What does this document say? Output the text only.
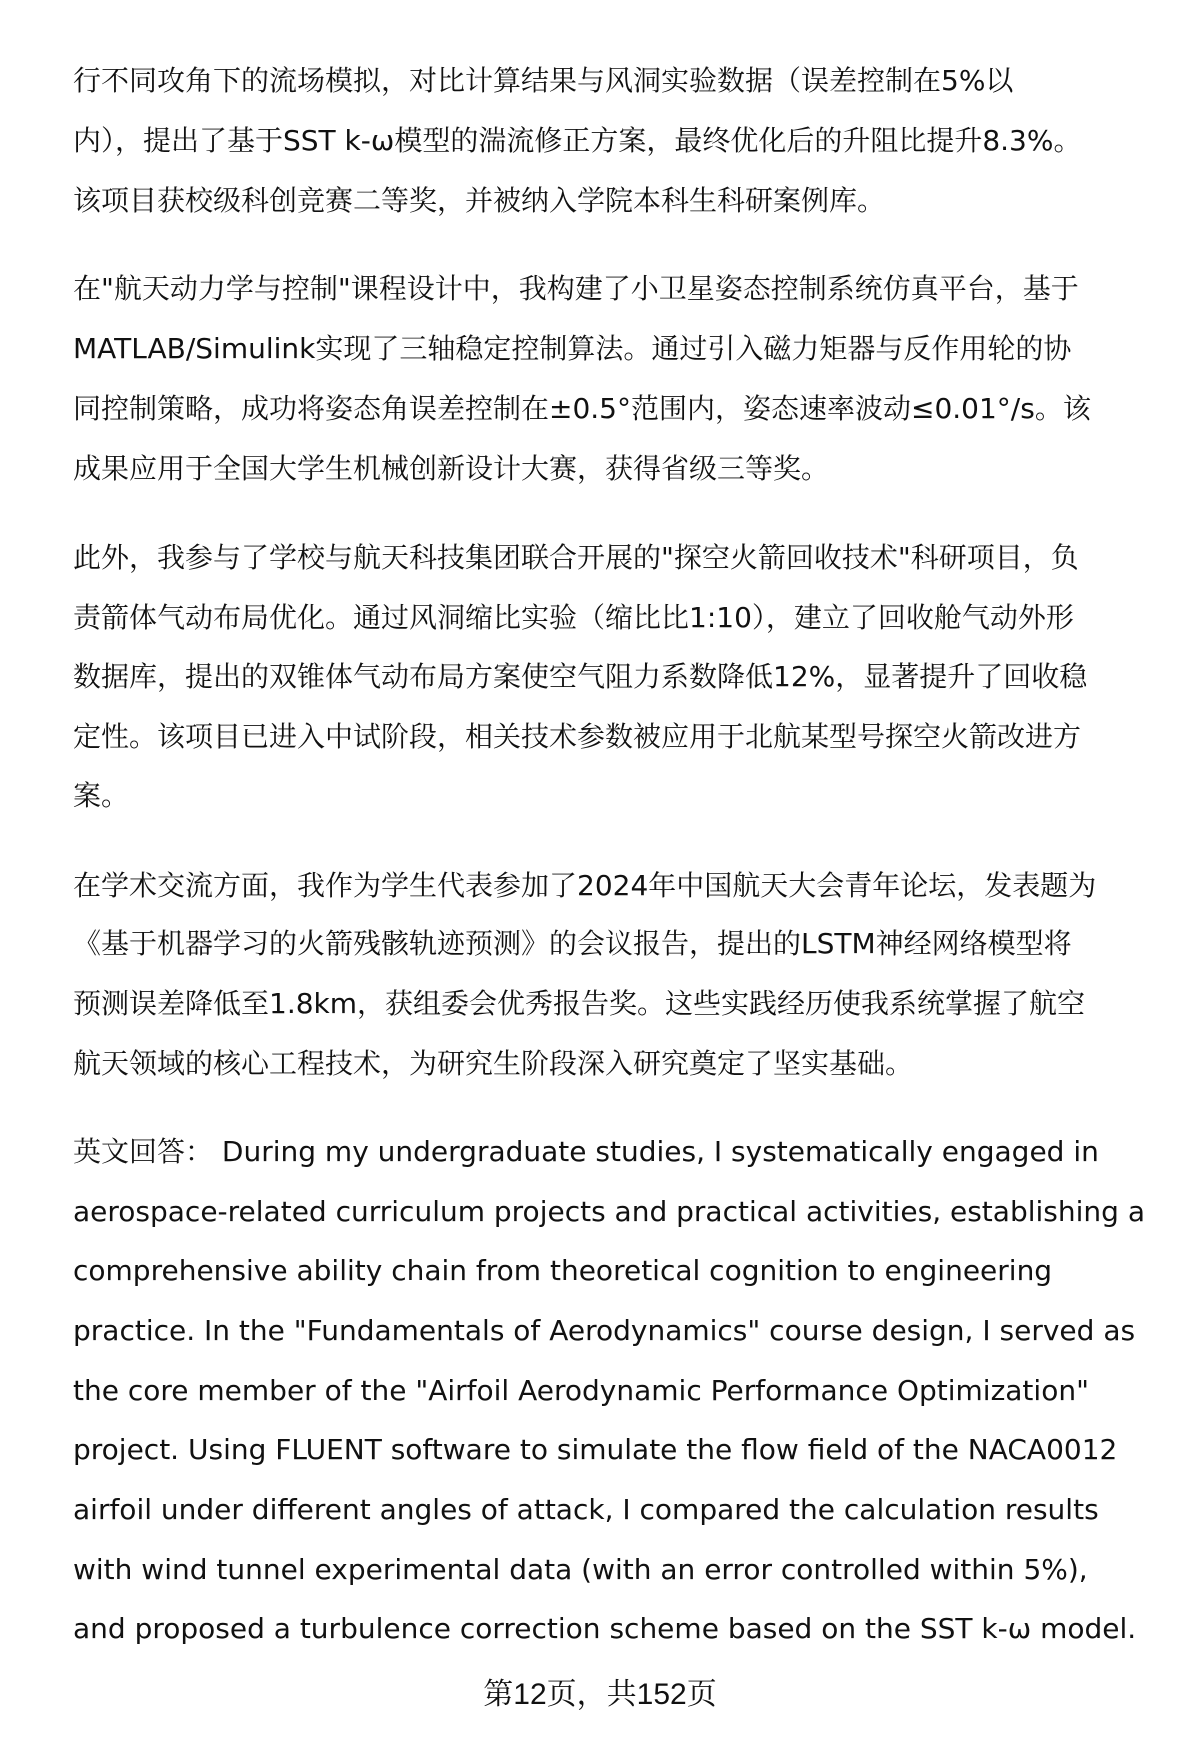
行不同攻角下的流场模拟，对比计算结果与风洞实验数据（误差控制在5%以
内），提出了基于SST k-ω模型的湍流修正方案，最终优化后的升阻比提升8.3%。
该项目获校级科创竞赛二等奖，并被纳入学院本科生科研案例库。
在"航天动力学与控制"课程设计中，我构建了小卫星姿态控制系统仿真平台，基于
MATLAB/Simulink实现了三轴稳定控制算法。通过引入磁力矩器与反作用轮的协
同控制策略，成功将姿态角误差控制在±0.5°范围内，姿态速率波动≤0.01°/s。该
成果应用于全国大学生机械创新设计大赛，获得省级三等奖。
此外，我参与了学校与航天科技集团联合开展的"探空火箭回收技术"科研项目，负
责箭体气动布局优化。通过风洞缩比实验（缩比比1:10），建立了回收舱气动外形
数据库，提出的双锥体气动布局方案使空气阻力系数降低12%，显著提升了回收稳
定性。该项目已进入中试阶段，相关技术参数被应用于北航某型号探空火箭改进方
案。
在学术交流方面，我作为学生代表参加了2024年中国航天大会青年论坛，发表题为
《基于机器学习的火箭残骸轨迹预测》的会议报告，提出的LSTM神经网络模型将
预测误差降低至1.8km，获组委会优秀报告奖。这些实践经历使我系统掌握了航空
航天领域的核心工程技术，为研究生阶段深入研究奠定了坚实基础。
英文回答： During my undergraduate studies, I systematically engaged in
aerospace-related curriculum projects and practical activities, establishing a
comprehensive ability chain from theoretical cognition to engineering
practice. In the "Fundamentals of Aerodynamics" course design, I served as
the core member of the "Airfoil Aerodynamic Performance Optimization"
project. Using FLUENT software to simulate the flow field of the NACA0012
airfoil under different angles of attack, I compared the calculation results
with wind tunnel experimental data (with an error controlled within 5%),
and proposed a turbulence correction scheme based on the SST k-ω model.
第12页，共152页
